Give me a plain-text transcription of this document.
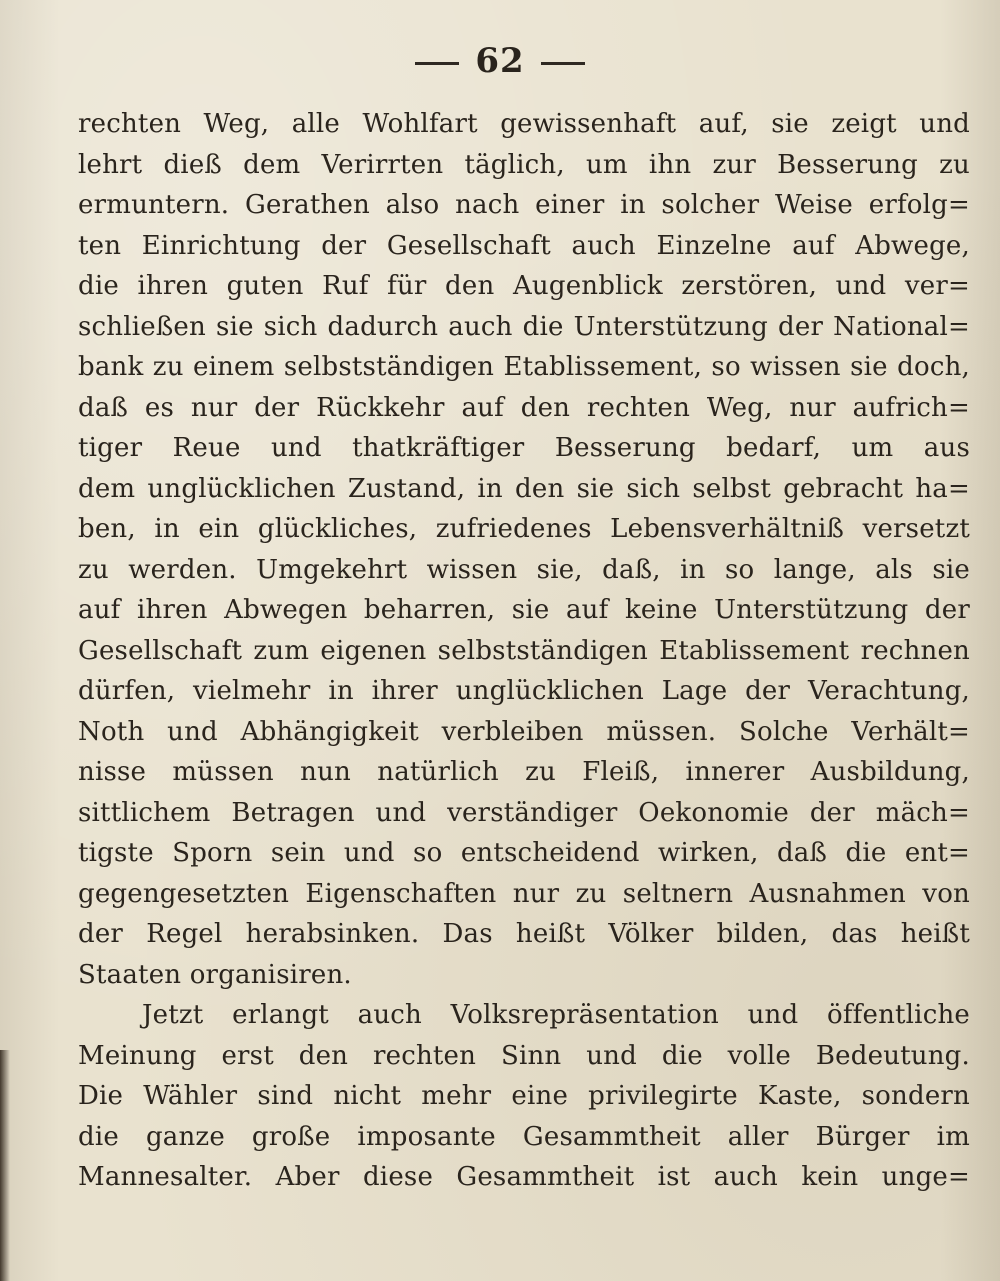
62
rechten Weg, alle Wohlfart gewissenhaft auf, sie zeigt und
lehrt dieß dem Verirrten täglich, um ihn zur Besserung zu
ermuntern. Gerathen also nach einer in solcher Weise erfolg=
ten Einrichtung der Gesellschaft auch Einzelne auf Abwege,
die ihren guten Ruf für den Augenblick zerstören, und ver=
schließen sie sich dadurch auch die Unterstützung der National=
bank zu einem selbstständigen Etablissement, so wissen sie doch,
daß es nur der Rückkehr auf den rechten Weg, nur aufrich=
tiger Reue und thatkräftiger Besserung bedarf, um aus
dem unglücklichen Zustand, in den sie sich selbst gebracht ha=
ben, in ein glückliches, zufriedenes Lebensverhältniß versetzt
zu werden. Umgekehrt wissen sie, daß, in so lange, als sie
auf ihren Abwegen beharren, sie auf keine Unterstützung der
Gesellschaft zum eigenen selbstständigen Etablissement rechnen
dürfen, vielmehr in ihrer unglücklichen Lage der Verachtung,
Noth und Abhängigkeit verbleiben müssen. Solche Verhält=
nisse müssen nun natürlich zu Fleiß, innerer Ausbildung,
sittlichem Betragen und verständiger Oekonomie der mäch=
tigste Sporn sein und so entscheidend wirken, daß die ent=
gegengesetzten Eigenschaften nur zu seltnern Ausnahmen von
der Regel herabsinken. Das heißt Völker bilden, das heißt
Staaten organisiren.
Jetzt erlangt auch Volksrepräsentation und öffentliche
Meinung erst den rechten Sinn und die volle Bedeutung.
Die Wähler sind nicht mehr eine privilegirte Kaste, sondern
die ganze große imposante Gesammtheit aller Bürger im
Mannesalter. Aber diese Gesammtheit ist auch kein unge=
